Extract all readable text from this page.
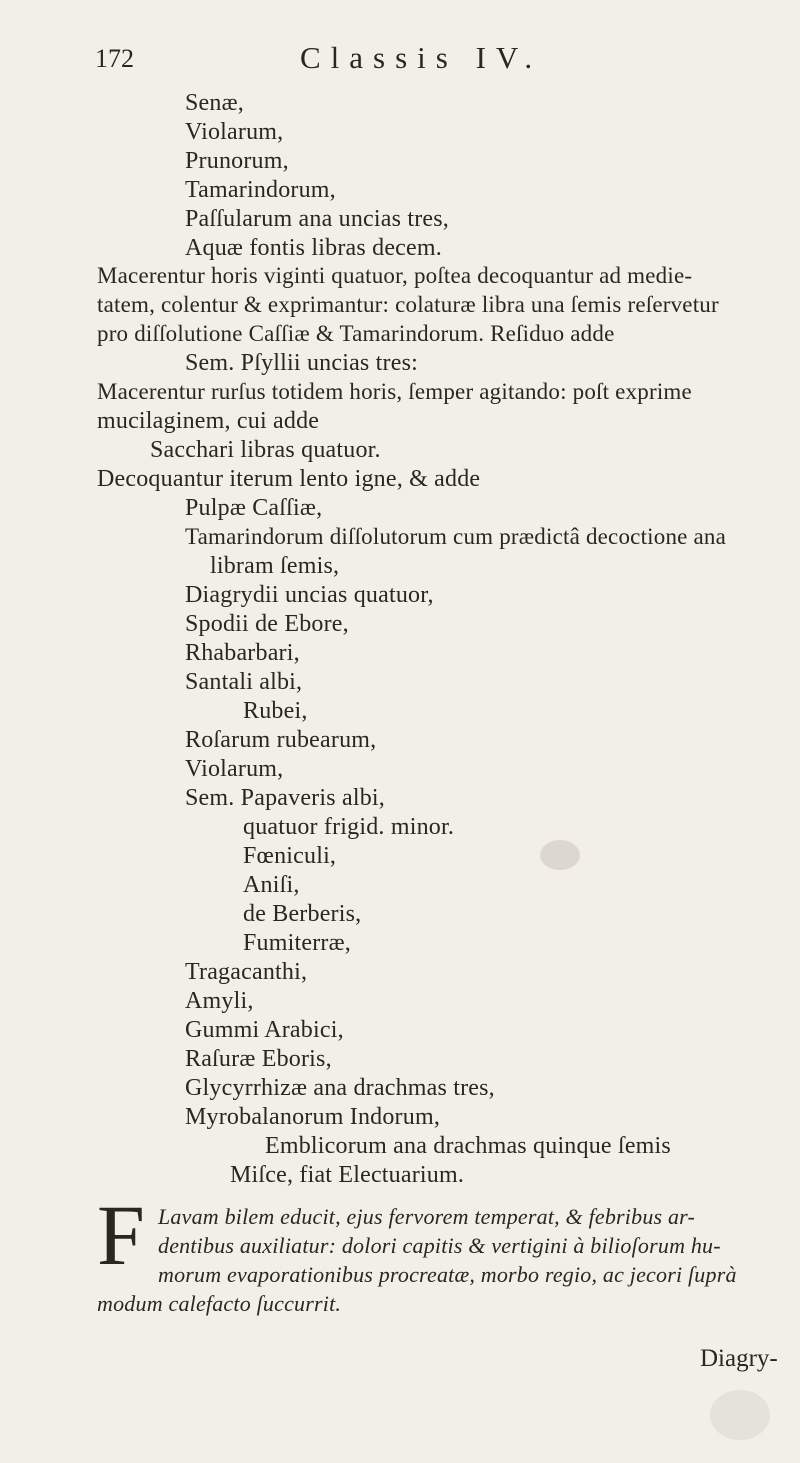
172	Classis IV.
Senæ,
Violarum,
Prunorum,
Tamarindorum,
Paſſularum ana uncias tres,
Aquæ fontis libras decem.
Macerentur horis viginti quatuor, poſtea decoquantur ad medie-
tatem, colentur & exprimantur: colaturæ libra una ſemis reſervetur
pro diſſolutione Caſſiæ & Tamarindorum. Reſiduo adde
Sem. Pſyllii uncias tres:
Macerentur rurſus totidem horis, ſemper agitando: poſt exprime
mucilaginem, cui adde
Sacchari libras quatuor.
Decoquantur iterum lento igne, & adde
Pulpæ Caſſiæ,
Tamarindorum diſſolutorum cum prædictâ decoctione ana
libram ſemis,
Diagrydii uncias quatuor,
Spodii de Ebore,
Rhabarbari,
Santali albi,
Rubei,
Roſarum rubearum,
Violarum,
Sem. Papaveris albi,
quatuor frigid. minor.
Fœniculi,
Aniſi,
de Berberis,
Fumiterræ,
Tragacanthi,
Amyli,
Gummi Arabici,
Raſuræ Eboris,
Glycyrrhizæ ana drachmas tres,
Myrobalanorum Indorum,
Emblicorum ana drachmas quinque ſemis
Miſce, fiat Electuarium.
F Lavam bilem educit, ejus fervorem temperat, & febribus ar-
dentibus auxiliatur: dolori capitis & vertigini à bilioſorum hu-
morum evaporationibus procreatæ, morbo regio, ac jecori ſuprà
modum calefacto ſuccurrit.
Diagry-
